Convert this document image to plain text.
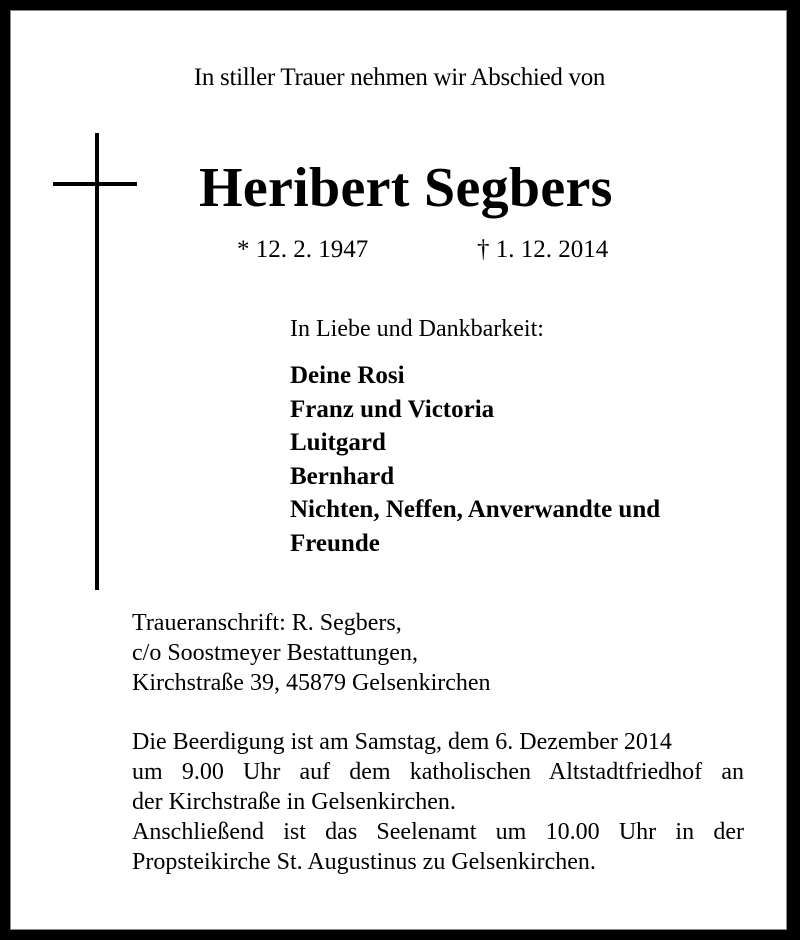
In stiller Trauer nehmen wir Abschied von
Heribert Segbers
* 12. 2. 1947	† 1. 12. 2014
In Liebe und Dankbarkeit:
Deine Rosi
Franz und Victoria
Luitgard
Bernhard
Nichten, Neffen, Anverwandte und
Freunde
Traueranschrift: R. Segbers,
c/o Soostmeyer Bestattungen,
Kirchstraße 39, 45879 Gelsenkirchen
Die Beerdigung ist am Samstag, dem 6. Dezember 2014
um 9.00 Uhr auf dem katholischen Altstadtfriedhof an
der Kirchstraße in Gelsenkirchen.
Anschließend ist das Seelenamt um 10.00 Uhr in der
Propsteikirche St. Augustinus zu Gelsenkirchen.
